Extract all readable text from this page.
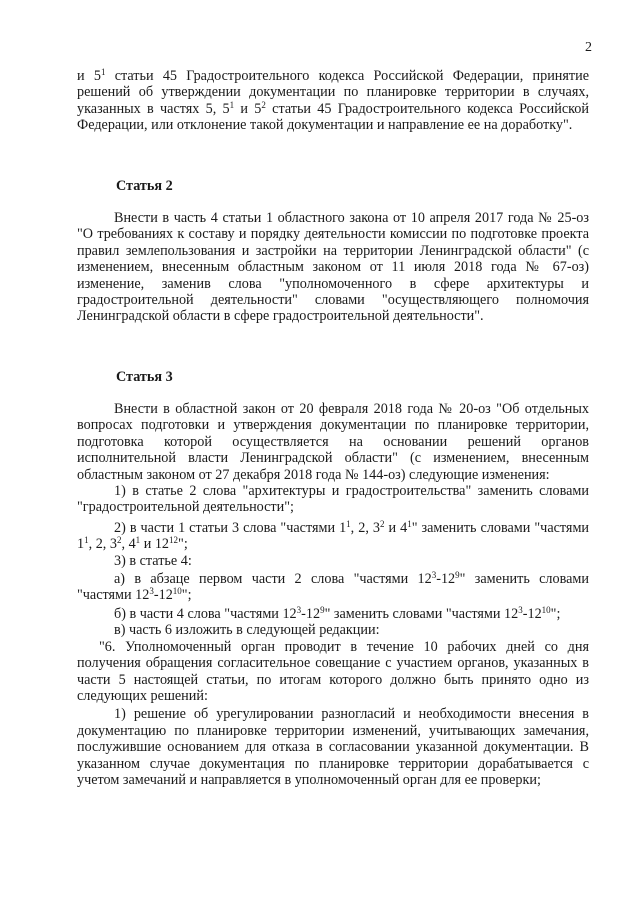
2

и $5^1$ статьи 45 Градостроительного кодекса Российской Федерации, принятие решений об утверждении документации по планировке территории в случаях, указанных в частях 5, $5^1$ и $5^2$ статьи 45 Градостроительного кодекса Российской Федерации, или отклонение такой документации и направление ее на доработку".

Статья 2

Внести в часть 4 статьи 1 областного закона от 10 апреля 2017 года № 25-оз "О требованиях к составу и порядку деятельности комиссии по подготовке проекта правил землепользования и застройки на территории Ленинградской области" (с изменением, внесенным областным законом от 11 июля 2018 года № 67-оз) изменение, заменив слова "уполномоченного в сфере архитектуры и градостроительной деятельности" словами "осуществляющего полномочия Ленинградской области в сфере градостроительной деятельности".

Статья 3

Внести в областной закон от 20 февраля 2018 года № 20-оз "Об отдельных вопросах подготовки и утверждения документации по планировке территории, подготовка которой осуществляется на основании решений органов исполнительной власти Ленинградской области" (с изменением, внесенным областным законом от 27 декабря 2018 года № 144-оз) следующие изменения:

1) в статье 2 слова "архитектуры и градостроительства" заменить словами "градостроительной деятельности";

2) в части 1 статьи 3 слова "частями $1^1$, 2, $3^2$ и $4^1$" заменить словами "частями $1^1$, 2, $3^2$, $4^1$ и $12^{12}$";

3) в статье 4:

а) в абзаце первом части 2 слова "частями $12^3-12^9$" заменить словами "частями $12^3-12^{10}$";

б) в части 4 слова "частями $12^3-12^9$" заменить словами "частями $12^3-12^{10}$";

в) часть 6 изложить в следующей редакции:

"6. Уполномоченный орган проводит в течение 10 рабочих дней со дня получения обращения согласительное совещание с участием органов, указанных в части 5 настоящей статьи, по итогам которого должно быть принято одно из следующих решений:

1) решение об урегулировании разногласий и необходимости внесения в документацию по планировке территории изменений, учитывающих замечания, послужившие основанием для отказа в согласовании указанной документации. В указанном случае документация по планировке территории дорабатывается с учетом замечаний и направляется в уполномоченный орган для ее проверки;
